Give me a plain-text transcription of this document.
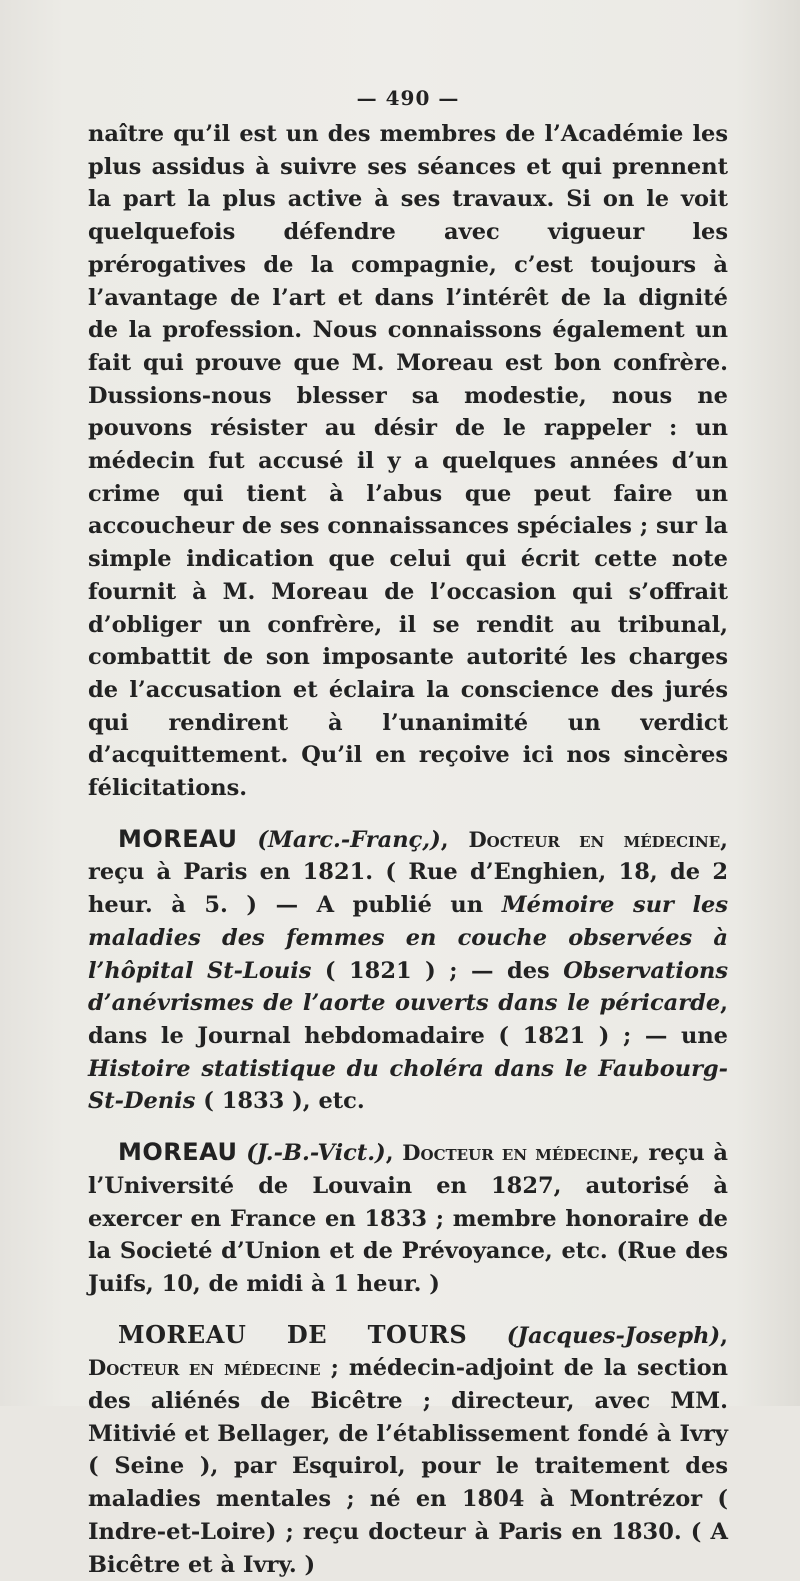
— 490 —

naître qu’il est un des membres de l’Académie les plus assidus à suivre ses séances et qui prennent la part la plus active à ses travaux. Si on le voit quelquefois défendre avec vigueur les prérogatives de la compagnie, c’est toujours à l’avantage de l’art et dans l’intérêt de la dignité de la profession. Nous connaissons également un fait qui prouve que M. Moreau est bon confrère. Dussions-nous blesser sa modestie, nous ne pouvons résister au désir de le rappeler : un médecin fut accusé il y a quelques années d’un crime qui tient à l’abus que peut faire un accoucheur de ses connaissances spéciales ; sur la simple indication que celui qui écrit cette note fournit à M. Moreau de l’occasion qui s’offrait d’obliger un confrère, il se rendit au tribunal, combattit de son imposante autorité les charges de l’accusation et éclaira la conscience des jurés qui rendirent à l’unanimité un verdict d’acquittement. Qu’il en reçoive ici nos sincères félicitations.

MOREAU (Marc.-Franç,), Docteur en médecine, reçu à Paris en 1821. ( Rue d’Enghien, 18, de 2 heur. à 5. ) — A publié un Mémoire sur les maladies des femmes en couche observées à l’hôpital St-Louis ( 1821 ) ; — des Observations d’anévrismes de l’aorte ouverts dans le péricarde, dans le Journal hebdomadaire ( 1821 ) ; — une Histoire statistique du choléra dans le Faubourg-St-Denis ( 1833 ), etc.

MOREAU (J.-B.-Vict.), Docteur en médecine, reçu à l’Université de Louvain en 1827, autorisé à exercer en France en 1833 ; membre honoraire de la Societé d’Union et de Prévoyance, etc. (Rue des Juifs, 10, de midi à 1 heur. )

MOREAU DE TOURS (Jacques-Joseph), Docteur en médecine ; médecin-adjoint de la section des aliénés de Bicêtre ; directeur, avec MM. Mitivié et Bellager, de l’établissement fondé à Ivry ( Seine ), par Esquirol, pour le traitement des maladies mentales ; né en 1804 à Montrézor ( Indre-et-Loire) ; reçu docteur à Paris en 1830. ( A Bicêtre et à Ivry. )
